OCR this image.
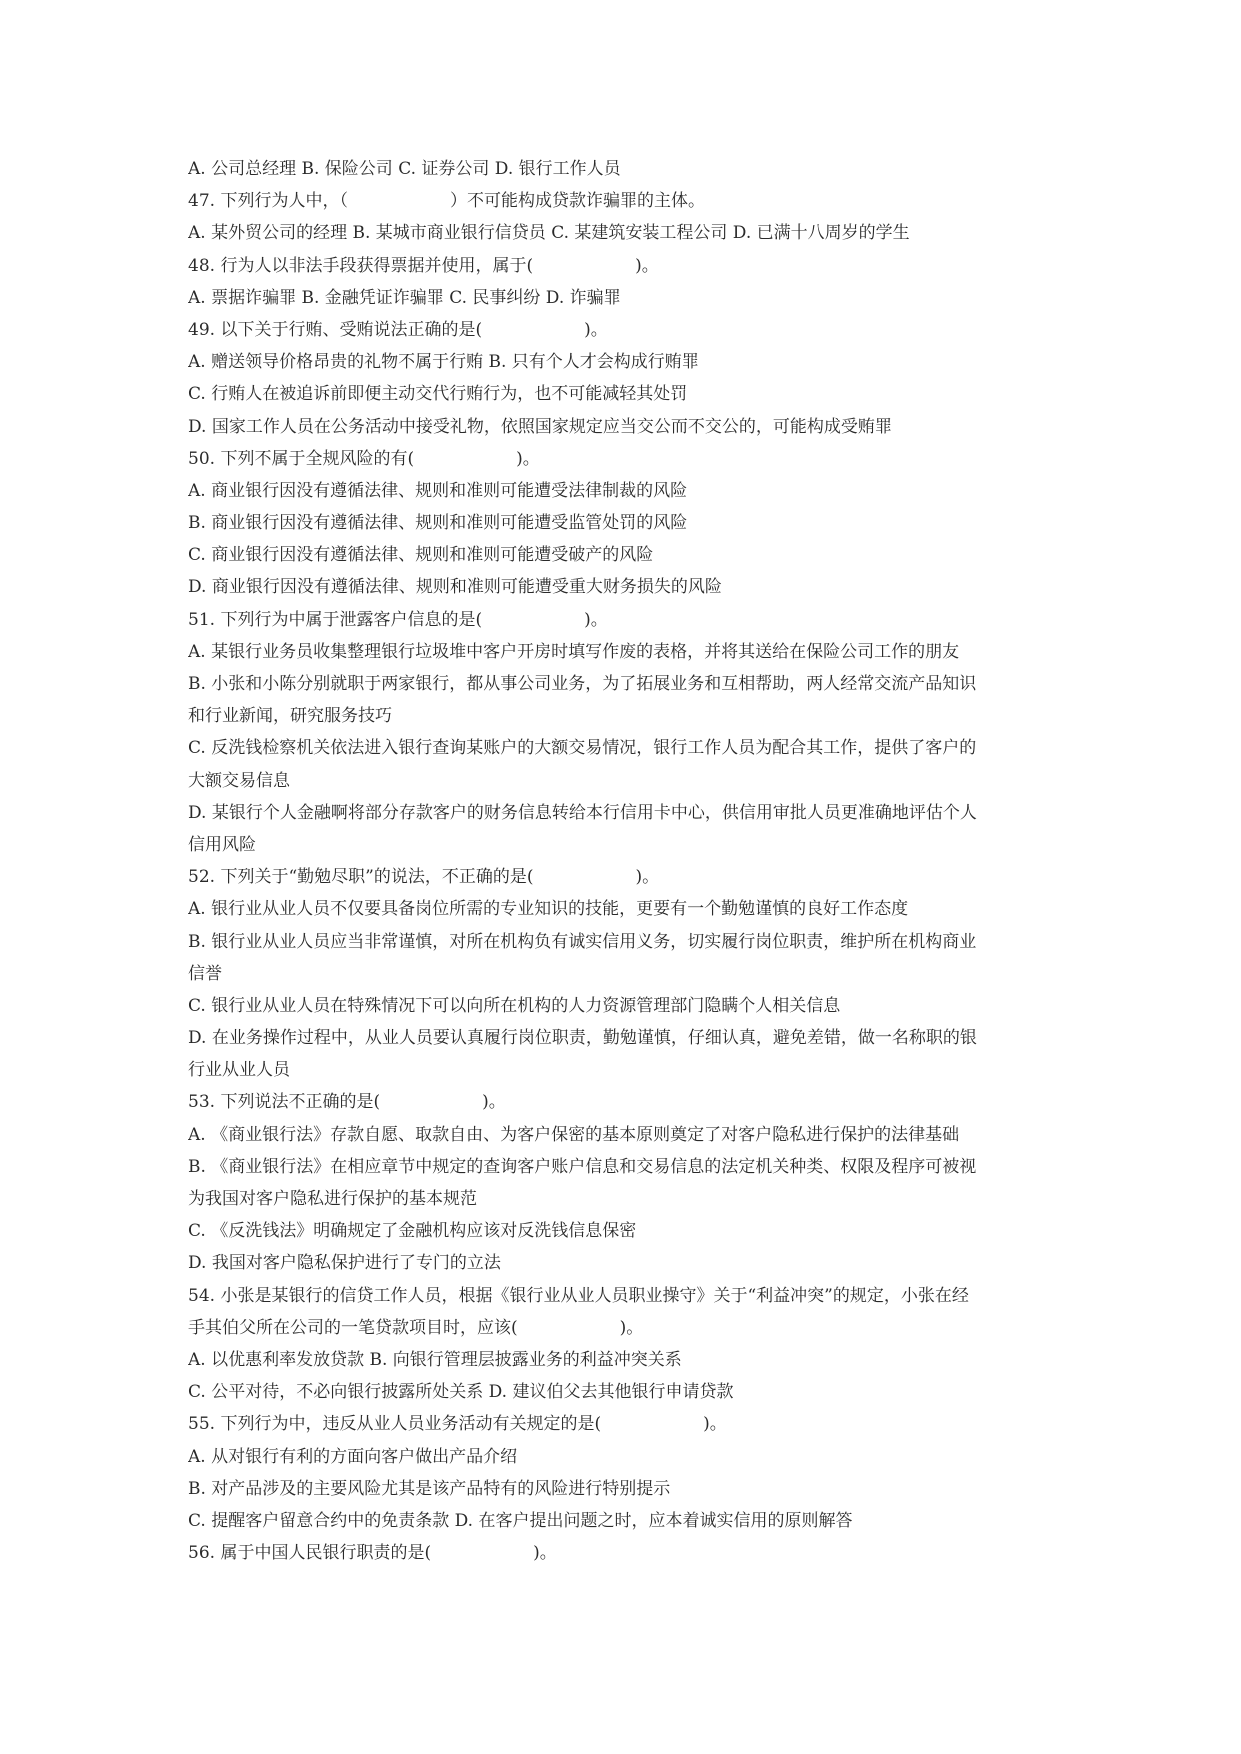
A. 公司总经理 B. 保险公司 C. 证券公司 D. 银行工作人员
47. 下列行为人中，（　　　　　　）不可能构成贷款诈骗罪的主体。
A. 某外贸公司的经理 B. 某城市商业银行信贷员 C. 某建筑安装工程公司 D. 已满十八周岁的学生
48. 行为人以非法手段获得票据并使用，属于(　　　　　　)。
A. 票据诈骗罪 B. 金融凭证诈骗罪 C. 民事纠纷 D. 诈骗罪
49. 以下关于行贿、受贿说法正确的是(　　　　　　)。
A. 赠送领导价格昂贵的礼物不属于行贿 B. 只有个人才会构成行贿罪
C. 行贿人在被追诉前即便主动交代行贿行为，也不可能减轻其处罚
D. 国家工作人员在公务活动中接受礼物，依照国家规定应当交公而不交公的，可能构成受贿罪
50. 下列不属于全规风险的有(　　　　　　)。
A. 商业银行因没有遵循法律、规则和准则可能遭受法律制裁的风险
B. 商业银行因没有遵循法律、规则和准则可能遭受监管处罚的风险
C. 商业银行因没有遵循法律、规则和准则可能遭受破产的风险
D. 商业银行因没有遵循法律、规则和准则可能遭受重大财务损失的风险
51. 下列行为中属于泄露客户信息的是(　　　　　　)。
A. 某银行业务员收集整理银行垃圾堆中客户开房时填写作废的表格，并将其送给在保险公司工作的朋友
B. 小张和小陈分别就职于两家银行，都从事公司业务，为了拓展业务和互相帮助，两人经常交流产品知识
和行业新闻，研究服务技巧
C. 反洗钱检察机关依法进入银行查询某账户的大额交易情况，银行工作人员为配合其工作，提供了客户的
大额交易信息
D. 某银行个人金融啊将部分存款客户的财务信息转给本行信用卡中心，供信用审批人员更准确地评估个人
信用风险
52. 下列关于“勤勉尽职”的说法，不正确的是(　　　　　　)。
A. 银行业从业人员不仅要具备岗位所需的专业知识的技能，更要有一个勤勉谨慎的良好工作态度
B. 银行业从业人员应当非常谨慎，对所在机构负有诚实信用义务，切实履行岗位职责，维护所在机构商业
信誉
C. 银行业从业人员在特殊情况下可以向所在机构的人力资源管理部门隐瞒个人相关信息
D. 在业务操作过程中，从业人员要认真履行岗位职责，勤勉谨慎，仔细认真，避免差错，做一名称职的银
行业从业人员
53. 下列说法不正确的是(　　　　　　)。
A. 《商业银行法》存款自愿、取款自由、为客户保密的基本原则奠定了对客户隐私进行保护的法律基础
B. 《商业银行法》在相应章节中规定的查询客户账户信息和交易信息的法定机关种类、权限及程序可被视
为我国对客户隐私进行保护的基本规范
C. 《反洗钱法》明确规定了金融机构应该对反洗钱信息保密
D. 我国对客户隐私保护进行了专门的立法
54. 小张是某银行的信贷工作人员，根据《银行业从业人员职业操守》关于“利益冲突”的规定，小张在经
手其伯父所在公司的一笔贷款项目时，应该(　　　　　　)。
A. 以优惠利率发放贷款 B. 向银行管理层披露业务的利益冲突关系
C. 公平对待，不必向银行披露所处关系 D. 建议伯父去其他银行申请贷款
55. 下列行为中，违反从业人员业务活动有关规定的是(　　　　　　)。
A. 从对银行有利的方面向客户做出产品介绍
B. 对产品涉及的主要风险尤其是该产品特有的风险进行特别提示
C. 提醒客户留意合约中的免责条款 D. 在客户提出问题之时，应本着诚实信用的原则解答
56. 属于中国人民银行职责的是(　　　　　　)。
